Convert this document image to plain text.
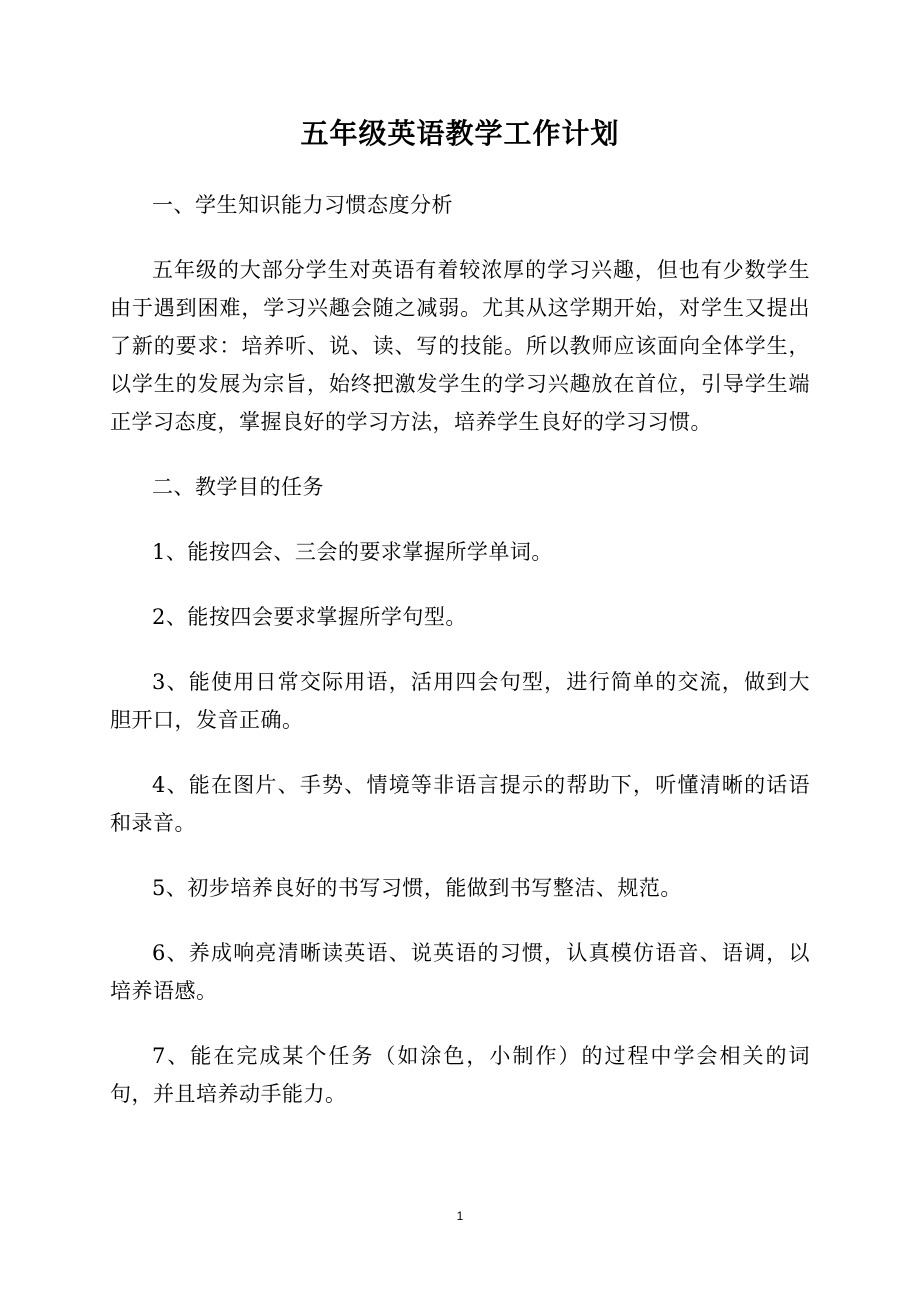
五年级英语教学工作计划

一、学生知识能力习惯态度分析

五年级的大部分学生对英语有着较浓厚的学习兴趣，但也有少数学生由于遇到困难，学习兴趣会随之减弱。尤其从这学期开始，对学生又提出了新的要求：培养听、说、读、写的技能。所以教师应该面向全体学生，以学生的发展为宗旨，始终把激发学生的学习兴趣放在首位，引导学生端正学习态度，掌握良好的学习方法，培养学生良好的学习习惯。

二、教学目的任务

1、能按四会、三会的要求掌握所学单词。

2、能按四会要求掌握所学句型。

3、能使用日常交际用语，活用四会句型，进行简单的交流，做到大胆开口，发音正确。

4、能在图片、手势、情境等非语言提示的帮助下，听懂清晰的话语和录音。

5、初步培养良好的书写习惯，能做到书写整洁、规范。

6、养成响亮清晰读英语、说英语的习惯，认真模仿语音、语调，以培养语感。

7、能在完成某个任务（如涂色，小制作）的过程中学会相关的词句，并且培养动手能力。

1
